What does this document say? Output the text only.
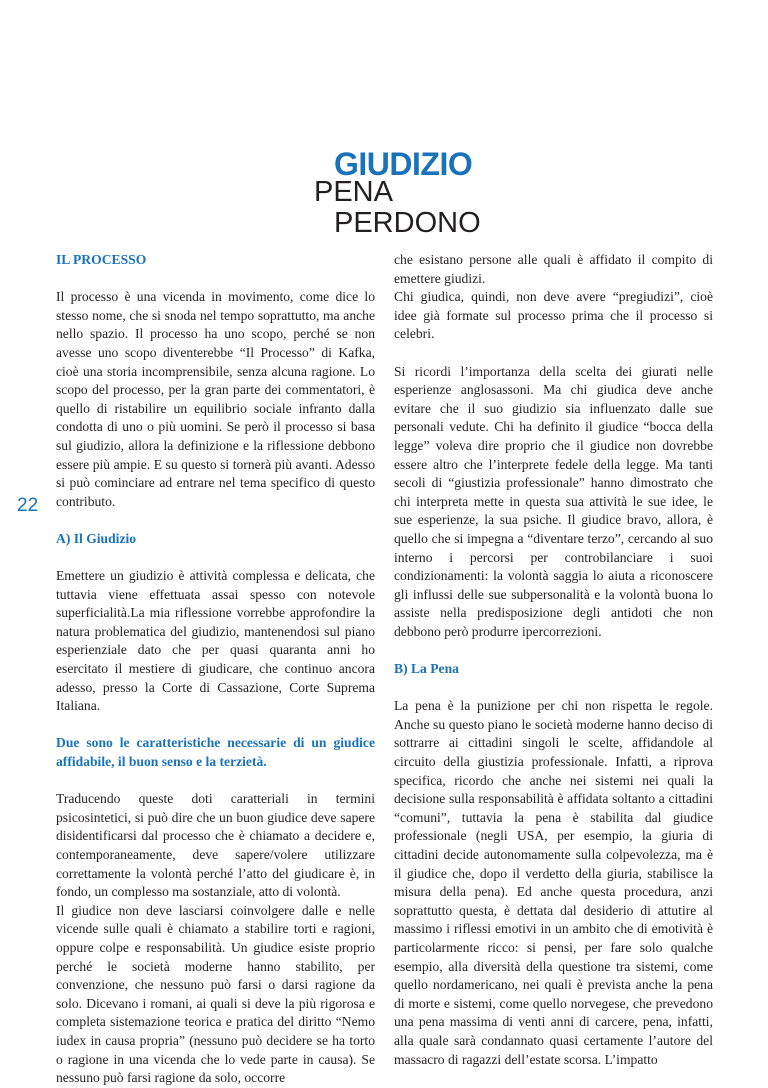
GIUDIZIO
PENA
PERDONO
22
IL PROCESSO

Il processo è una vicenda in movimento, come dice lo stesso nome, che si snoda nel tempo soprattutto, ma anche nello spazio. Il processo ha uno scopo, perché se non avesse uno scopo diventerebbe “Il Processo” di Kafka, cioè una storia incomprensibile, senza alcuna ragione. Lo scopo del processo, per la gran parte dei commentatori, è quello di ristabilire un equilibrio sociale infranto dalla condotta di uno o più uomini. Se però il processo si basa sul giudizio, allora la definizione e la riflessione debbono essere più ampie. E su questo si tornerà più avanti. Adesso si può cominciare ad entrare nel tema specifico di questo contributo.

A) Il Giudizio

Emettere un giudizio è attività complessa e delicata, che tuttavia viene effettuata assai spesso con notevole superficialità.La mia riflessione vorrebbe approfondire la natura problematica del giudizio, mantenendosi sul piano esperienziale dato che per quasi quaranta anni ho esercitato il mestiere di giudicare, che continuo ancora adesso, presso la Corte di Cassazione, Corte Suprema Italiana.

Due sono le caratteristiche necessarie di un giudice affidabile, il buon senso e la terzietà.

Traducendo queste doti caratteriali in termini psicosintetici, si può dire che un buon giudice deve sapere disidentificarsi dal processo che è chiamato a decidere e, contemporaneamente, deve sapere/volere utilizzare correttamente la volontà perché l’atto del giudicare è, in fondo, un complesso ma sostanziale, atto di volontà.

Il giudice non deve lasciarsi coinvolgere dalle e nelle vicende sulle quali è chiamato a stabilire torti e ragioni, oppure colpe e responsabilità. Un giudice esiste proprio perché le società moderne hanno stabilito, per convenzione, che nessuno può farsi o darsi ragione da solo. Dicevano i romani, ai quali si deve la più rigorosa e completa sistemazione teorica e pratica del diritto “Nemo iudex in causa propria” (nessuno può decidere se ha torto o ragione in una vicenda che lo vede parte in causa). Se nessuno può farsi ragione da solo, occorre

che esistano persone alle quali è affidato il compito di emettere giudizi.

Chi giudica, quindi, non deve avere “pregiudizi”, cioè idee già formate sul processo prima che il processo si celebri.

Si ricordi l’importanza della scelta dei giurati nelle esperienze anglosassoni. Ma chi giudica deve anche evitare che il suo giudizio sia influenzato dalle sue personali vedute. Chi ha definito il giudice “bocca della legge” voleva dire proprio che il giudice non dovrebbe essere altro che l’interprete fedele della legge. Ma tanti secoli di “giustizia professionale” hanno dimostrato che chi interpreta mette in questa sua attività le sue idee, le sue esperienze, la sua psiche. Il giudice bravo, allora, è quello che si impegna a “diventare terzo”, cercando al suo interno i percorsi per controbilanciare i suoi condizionamenti: la volontà saggia lo aiuta a riconoscere gli influssi delle sue subpersonalità e la volontà buona lo assiste nella predisposizione degli antidoti che non debbono però produrre ipercorrezioni.

B) La Pena

La pena è la punizione per chi non rispetta le regole. Anche su questo piano le società moderne hanno deciso di sottrarre ai cittadini singoli le scelte, affidandole al circuito della giustizia professionale. Infatti, a riprova specifica, ricordo che anche nei sistemi nei quali la decisione sulla responsabilità è affidata soltanto a cittadini “comuni”, tuttavia la pena è stabilita dal giudice professionale (negli USA, per esempio, la giuria di cittadini decide autonomamente sulla colpevolezza, ma è il giudice che, dopo il verdetto della giuria, stabilisce la misura della pena). Ed anche questa procedura, anzi soprattutto questa, è dettata dal desiderio di attutire al massimo i riflessi emotivi in un ambito che di emotività è particolarmente ricco: si pensi, per fare solo qualche esempio, alla diversità della questione tra sistemi, come quello nordamericano, nei quali è prevista anche la pena di morte e sistemi, come quello norvegese, che prevedono una pena massima di venti anni di carcere, pena, infatti, alla quale sarà condannato quasi certamente l’autore del massacro di ragazzi dell’estate scorsa. L’impatto
